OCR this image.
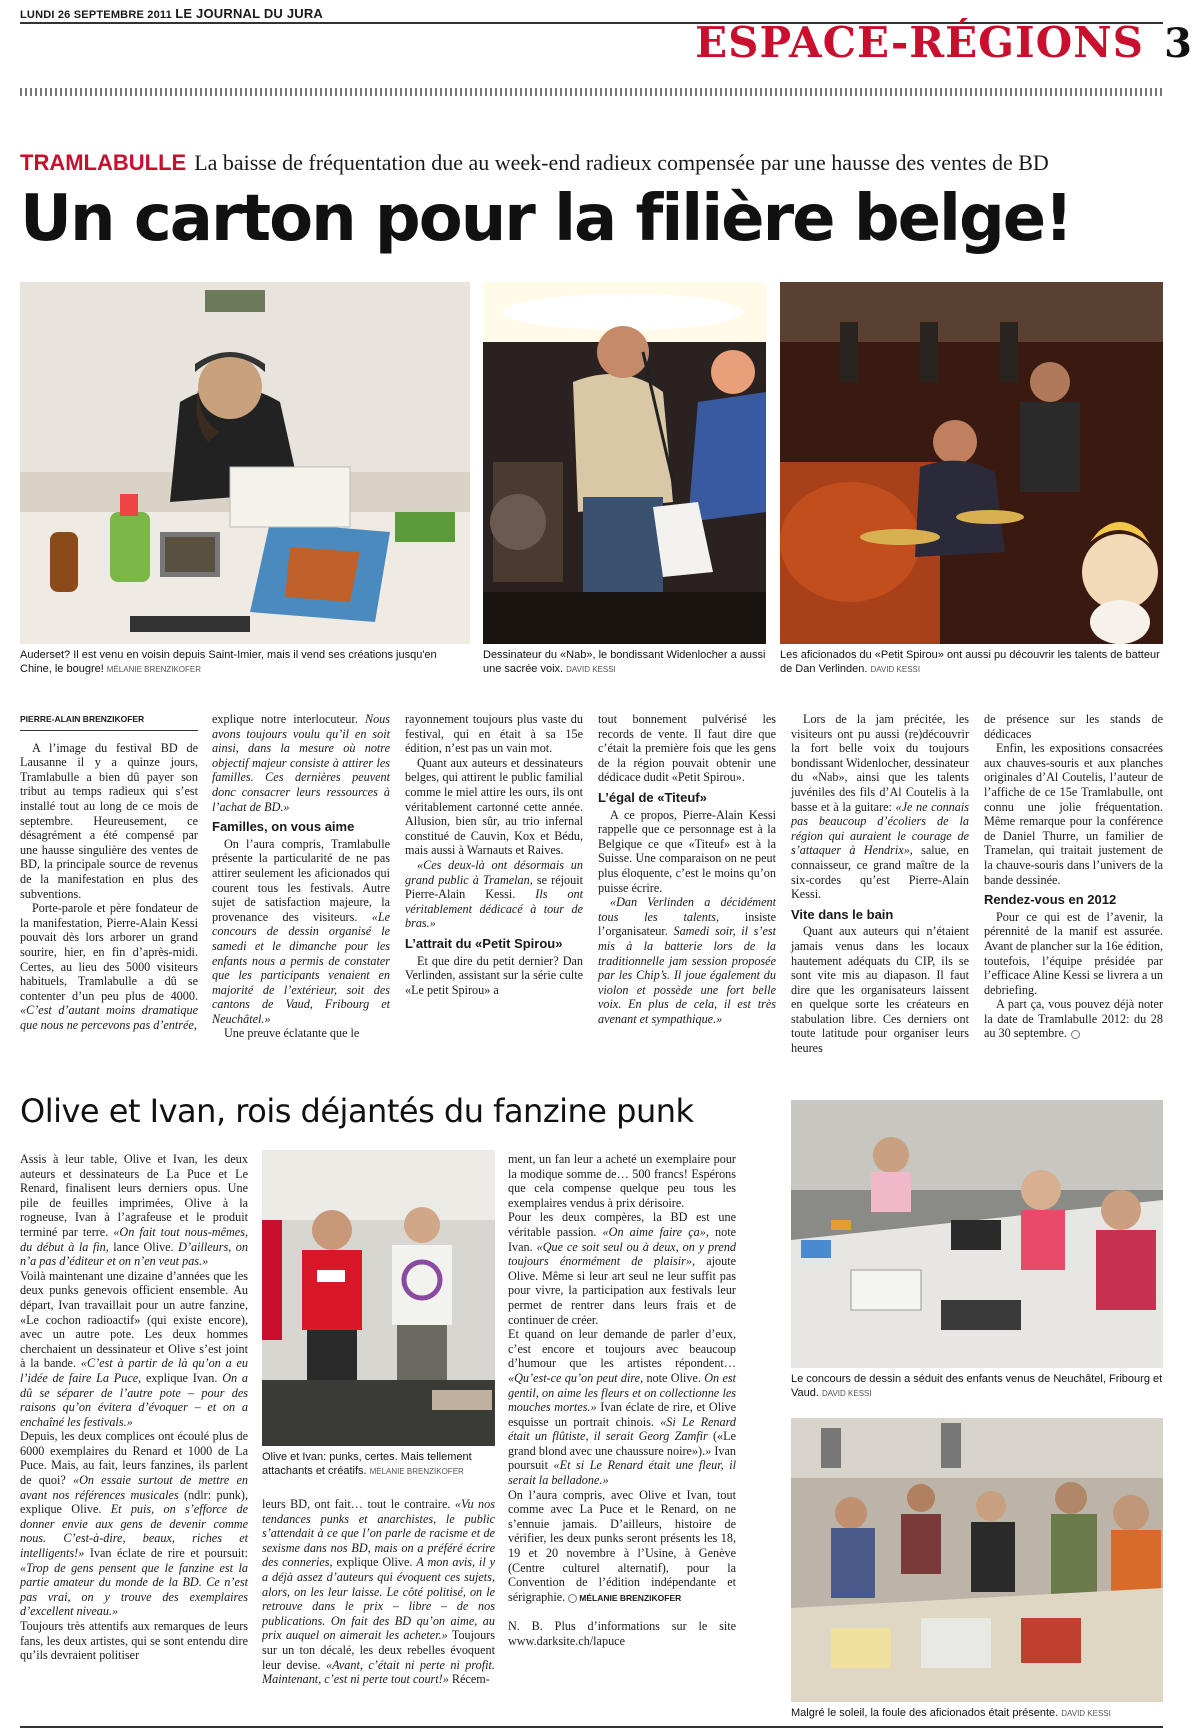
LUNDI 26 SEPTEMBRE 2011 LE JOURNAL DU JURA
ESPACE-RÉGIONS 3
TRAMLABULLE La baisse de fréquentation due au week-end radieux compensée par une hausse des ventes de BD
Un carton pour la filière belge!
Auderset? Il est venu en voisin depuis Saint-Imier, mais il vend ses créations jusqu'en Chine, le bougre! MÉLANIE BRENZIKOFER
Dessinateur du «Nab», le bondissant Widenlocher a aussi une sacrée voix. DAVID KESSI
Les aficionados du «Petit Spirou» ont aussi pu découvrir les talents de batteur de Dan Verlinden. DAVID KESSI
PIERRE-ALAIN BRENZIKOFER

A l’image du festival BD de Lausanne il y a quinze jours, Tramlabulle a bien dû payer son tribut au temps radieux qui s’est installé tout au long de ce mois de septembre. Heureusement, ce désagrément a été compensé par une hausse singulière des ventes de BD, la principale source de revenus de la manifestation en plus des subventions.

Porte-parole et père fondateur de la manifestation, Pierre-Alain Kessi pouvait dès lors arborer un grand sourire, hier, en fin d’après-midi. Certes, au lieu des 5000 visiteurs habituels, Tramlabulle a dû se contenter d’un peu plus de 4000. «C’est d’autant moins dramatique que nous ne percevons pas d’entrée,

explique notre interlocuteur. Nous avons toujours voulu qu’il en soit ainsi, dans la mesure où notre objectif majeur consiste à attirer les familles. Ces dernières peuvent donc consacrer leurs ressources à l’achat de BD.»

Familles, on vous aime

On l’aura compris, Tramlabulle présente la particularité de ne pas attirer seulement les aficionados qui courent tous les festivals. Autre sujet de satisfaction majeure, la provenance des visiteurs. «Le concours de dessin organisé le samedi et le dimanche pour les enfants nous a permis de constater que les participants venaient en majorité de l’extérieur, soit des cantons de Vaud, Fribourg et Neuchâtel.»

Une preuve éclatante que le

rayonnement toujours plus vaste du festival, qui en était à sa 15e édition, n’est pas un vain mot.

Quant aux auteurs et dessinateurs belges, qui attirent le public familial comme le miel attire les ours, ils ont véritablement cartonné cette année. Allusion, bien sûr, au trio infernal constitué de Cauvin, Kox et Bédu, mais aussi à Warnauts et Raives.

«Ces deux-là ont désormais un grand public à Tramelan, se réjouit Pierre-Alain Kessi. Ils ont véritablement dédicacé à tour de bras.»

L’attrait du «Petit Spirou»

Et que dire du petit dernier? Dan Verlinden, assistant sur la série culte «Le petit Spirou» a

tout bonnement pulvérisé les records de vente. Il faut dire que c’était la première fois que les gens de la région pouvait obtenir une dédicace dudit «Petit Spirou».

L’égal de «Titeuf»

A ce propos, Pierre-Alain Kessi rappelle que ce personnage est à la Belgique ce que «Titeuf» est à la Suisse. Une comparaison on ne peut plus éloquente, c’est le moins qu’on puisse écrire.

«Dan Verlinden a décidément tous les talents, insiste l’organisateur. Samedi soir, il s’est mis à la batterie lors de la traditionnelle jam session proposée par les Chip’s. Il joue également du violon et possède une fort belle voix. En plus de cela, il est très avenant et sympathique.»

Lors de la jam précitée, les visiteurs ont pu aussi (re)découvrir la fort belle voix du toujours bondissant Widenlocher, dessinateur du «Nab», ainsi que les talents juvéniles des fils d’Al Coutelis à la basse et à la guitare: «Je ne connais pas beaucoup d’écoliers de la région qui auraient le courage de s’attaquer à Hendrix», salue, en connaisseur, ce grand maître de la six-cordes qu’est Pierre-Alain Kessi.

Vite dans le bain

Quant aux auteurs qui n’étaient jamais venus dans les locaux hautement adéquats du CIP, ils se sont vite mis au diapason. Il faut dire que les organisateurs laissent en quelque sorte les créateurs en stabulation libre. Ces derniers ont toute latitude pour organiser leurs heures

de présence sur les stands de dédicaces

Enfin, les expositions consacrées aux chauves-souris et aux planches originales d’Al Coutelis, l’auteur de l’affiche de ce 15e Tramlabulle, ont connu une jolie fréquentation. Même remarque pour la conférence de Daniel Thurre, un familier de Tramelan, qui traitait justement de la chauve-souris dans l’univers de la bande dessinée.

Rendez-vous en 2012

Pour ce qui est de l’avenir, la pérennité de la manif est assurée. Avant de plancher sur la 16e édition, toutefois, l’équipe présidée par l’efficace Aline Kessi se livrera a un debriefing.

A part ça, vous pouvez déjà noter la date de Tramlabulle 2012: du 28 au 30 septembre.

Le concours de dessin a séduit des enfants venus de Neuchâtel, Fribourg et Vaud. DAVID KESSI
Malgré le soleil, la foule des aficionados était présente. DAVID KESSI
Olive et Ivan, rois déjantés du fanzine punk

Assis à leur table, Olive et Ivan, les deux auteurs et dessinateurs de La Puce et Le Renard, finalisent leurs derniers opus. Une pile de feuilles imprimées, Olive à la rogneuse, Ivan à l’agrafeuse et le produit terminé par terre. «On fait tout nous-mêmes, du début à la fin, lance Olive. D’ailleurs, on n’a pas d’éditeur et on n’en veut pas.»

Voilà maintenant une dizaine d’années que les deux punks genevois officient ensemble. Au départ, Ivan travaillait pour un autre fanzine, «Le cochon radioactif» (qui existe encore), avec un autre pote. Les deux hommes cherchaient un dessinateur et Olive s’est joint à la bande. «C’est à partir de là qu’on a eu l’idée de faire La Puce, explique Ivan. On a dû se séparer de l’autre pote – pour des raisons qu’on évitera d’évoquer – et on a enchaîné les festivals.»

Depuis, les deux complices ont écoulé plus de 6000 exemplaires du Renard et 1000 de La Puce. Mais, au fait, leurs fanzines, ils parlent de quoi? «On essaie surtout de mettre en avant nos références musicales (ndlr: punk), explique Olive. Et puis, on s’efforce de donner envie aux gens de devenir comme nous. C’est-à-dire, beaux, riches et intelligents!» Ivan éclate de rire et poursuit: «Trop de gens pensent que le fanzine est la partie amateur du monde de la BD. Ce n’est pas vrai, on y trouve des exemplaires d’excellent niveau.»

Toujours très attentifs aux remarques de leurs fans, les deux artistes, qui se sont entendu dire qu’ils devraient politiser

Olive et Ivan: punks, certes. Mais tellement attachants et créatifs. MÉLANIE BRENZIKOFER

leurs BD, ont fait… tout le contraire. «Vu nos tendances punks et anarchistes, le public s’attendait à ce que l’on parle de racisme et de sexisme dans nos BD, mais on a préféré écrire des conneries, explique Olive. A mon avis, il y a déjà assez d’auteurs qui évoquent ces sujets, alors, on les leur laisse. Le côté politisé, on le retrouve dans le prix – libre – de nos publications. On fait des BD qu’on aime, au prix auquel on aimerait les acheter.» Toujours sur un ton décalé, les deux rebelles évoquent leur devise. «Avant, c’était ni perte ni profit. Maintenant, c’est ni perte tout court!» Récem-

ment, un fan leur a acheté un exemplaire pour la modique somme de… 500 francs! Espérons que cela compense quelque peu tous les exemplaires vendus à prix dérisoire.

Pour les deux compères, la BD est une véritable passion. «On aime faire ça», note Ivan. «Que ce soit seul ou à deux, on y prend toujours énormément de plaisir», ajoute Olive. Même si leur art seul ne leur suffit pas pour vivre, la participation aux festivals leur permet de rentrer dans leurs frais et de continuer de créer.

Et quand on leur demande de parler d’eux, c’est encore et toujours avec beaucoup d’humour que les artistes répondent… «Qu’est-ce qu’on peut dire, note Olive. On est gentil, on aime les fleurs et on collectionne les mouches mortes.» Ivan éclate de rire, et Olive esquisse un portrait chinois. «Si Le Renard était un flûtiste, il serait Georg Zamfir («Le grand blond avec une chaussure noire»).» Ivan poursuit «Et si Le Renard était une fleur, il serait la belladone.»

On l’aura compris, avec Olive et Ivan, tout comme avec La Puce et le Renard, on ne s’ennuie jamais. D’ailleurs, histoire de vérifier, les deux punks seront présents les 18, 19 et 20 novembre à l’Usine, à Genève (Centre culturel alternatif), pour la Convention de l’édition indépendante et sérigraphie. MÉLANIE BRENZIKOFER

N. B. Plus d’informations sur le site www.darksite.ch/lapuce
